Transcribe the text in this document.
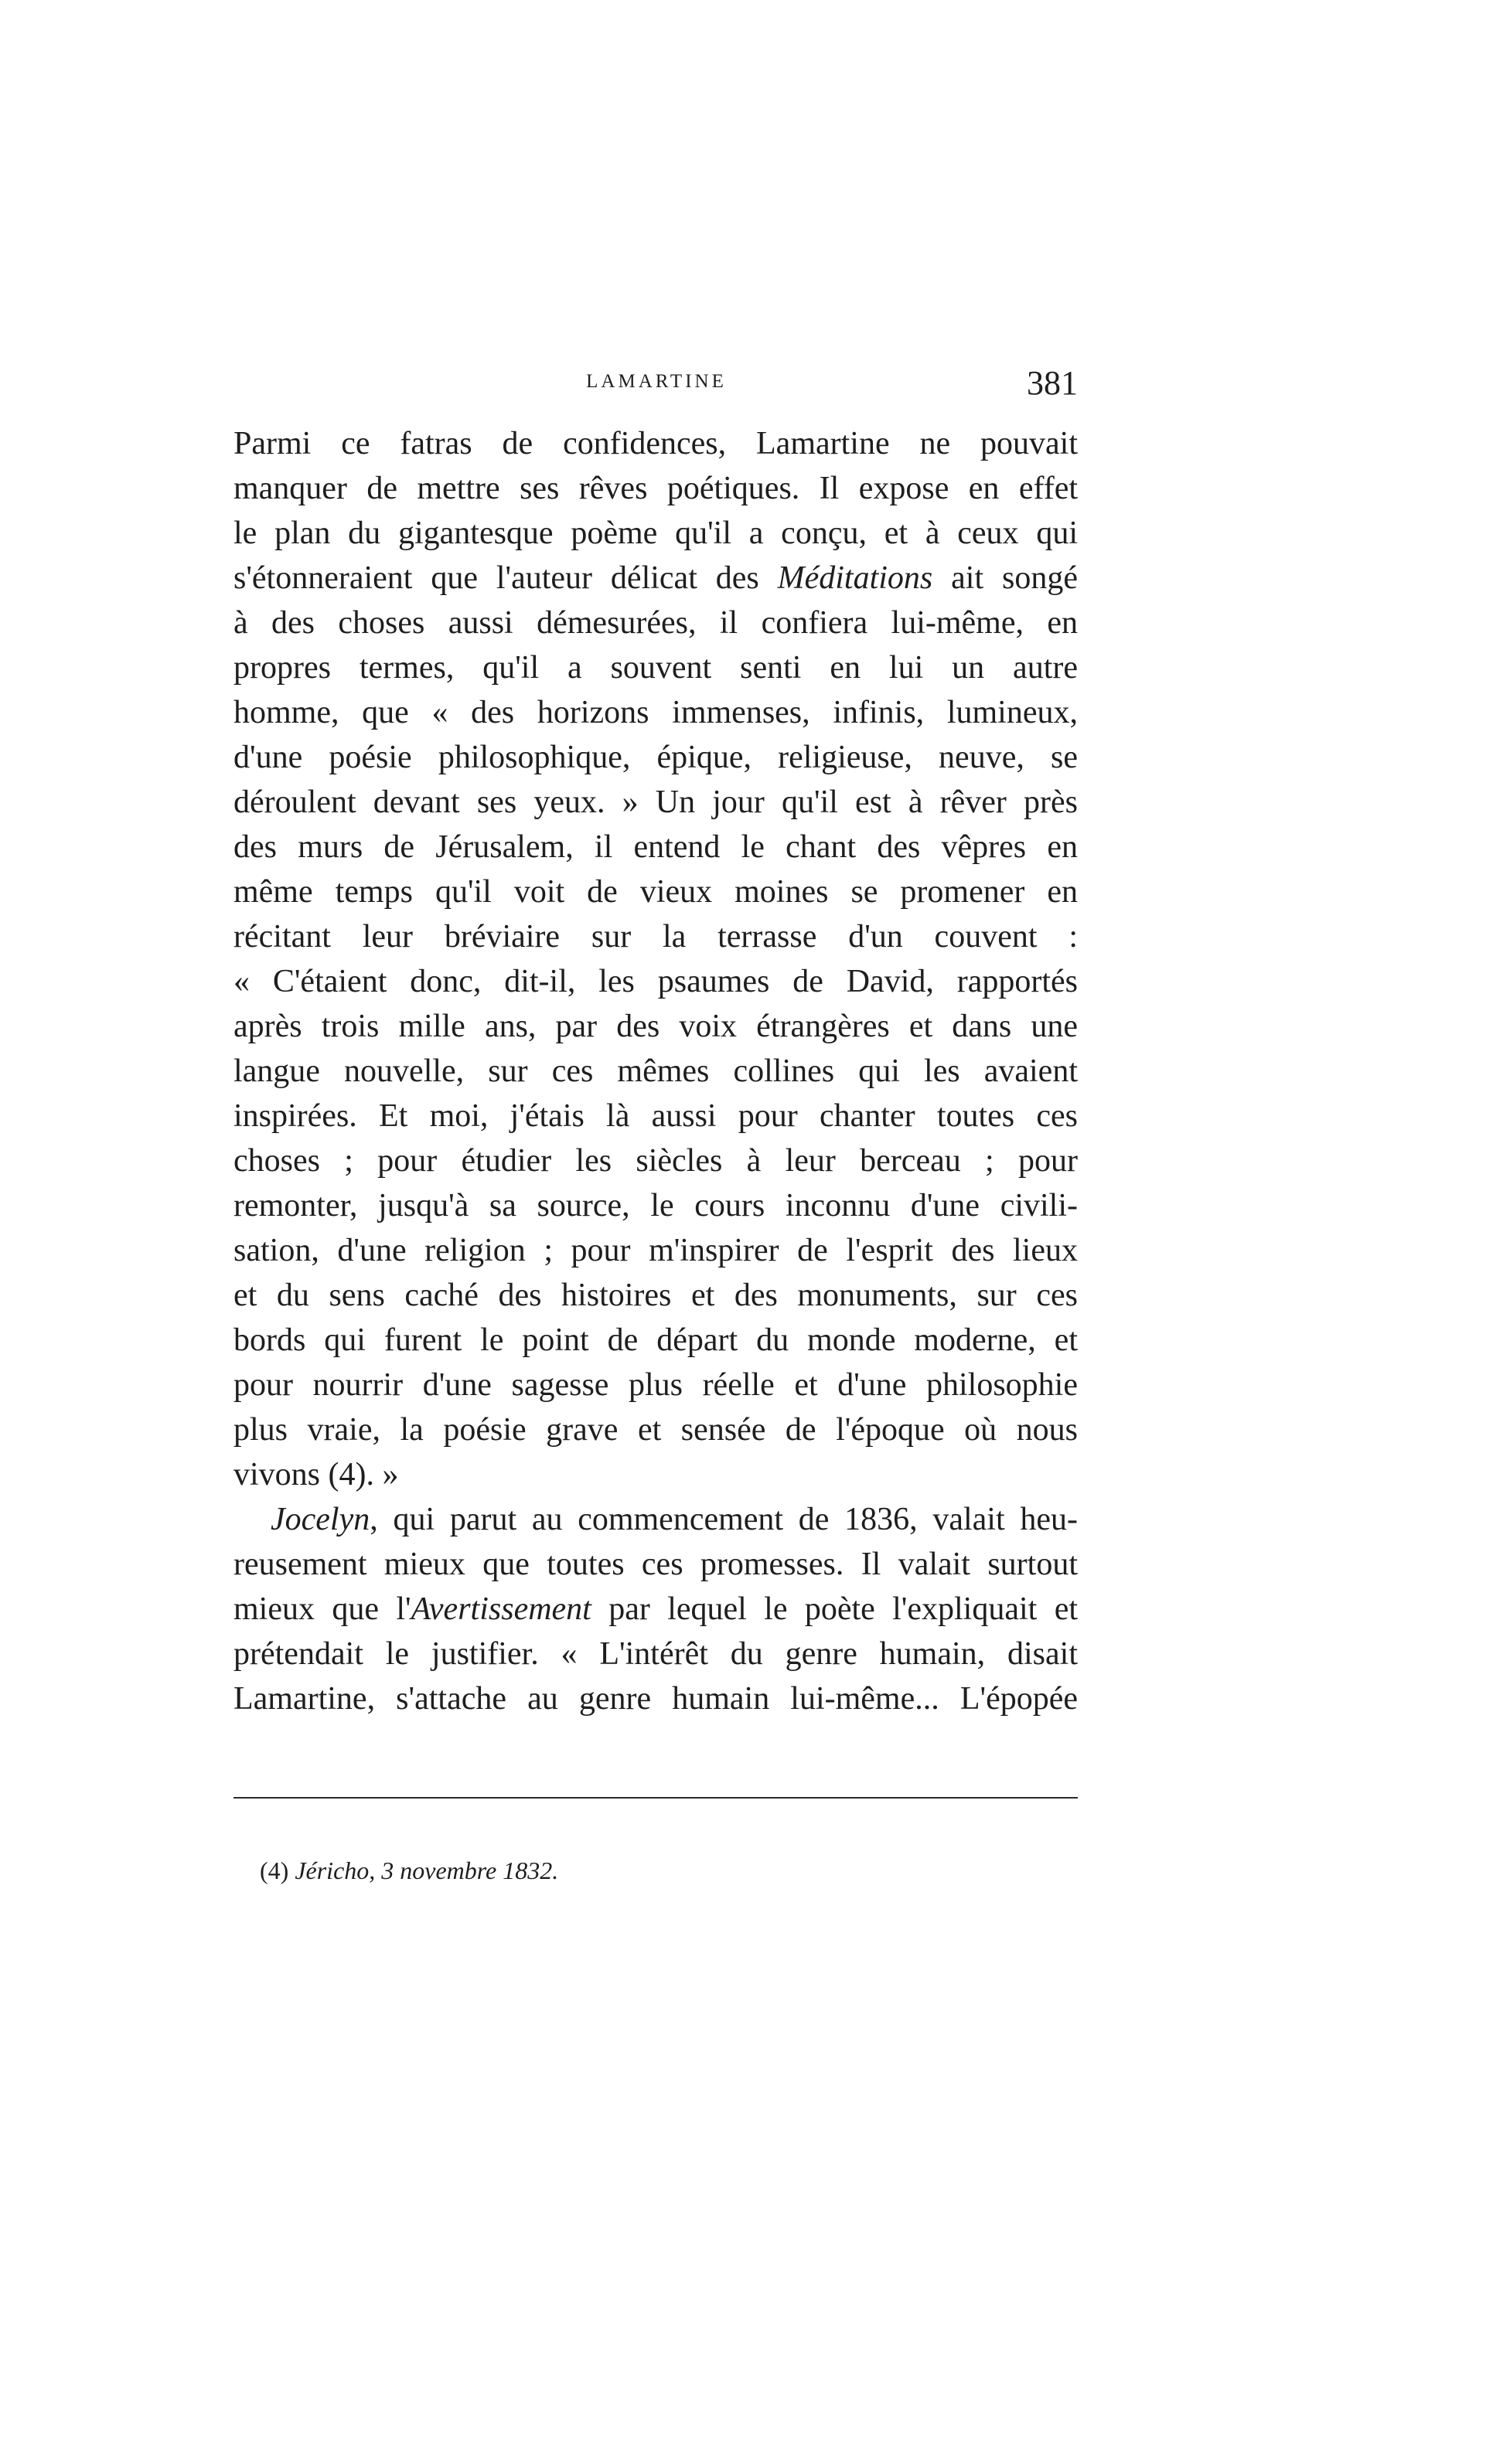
LAMARTINE	381
Parmi ce fatras de confidences, Lamartine ne pouvait
manquer de mettre ses rêves poétiques. Il expose en effet
le plan du gigantesque poème qu'il a conçu, et à ceux qui
s'étonneraient que l'auteur délicat des Méditations ait songé
à des choses aussi démesurées, il confiera lui-même, en
propres termes, qu'il a souvent senti en lui un autre
homme, que « des horizons immenses, infinis, lumineux,
d'une poésie philosophique, épique, religieuse, neuve, se
déroulent devant ses yeux. » Un jour qu'il est à rêver près
des murs de Jérusalem, il entend le chant des vêpres en
même temps qu'il voit de vieux moines se promener en
récitant leur bréviaire sur la terrasse d'un couvent :
« C'étaient donc, dit-il, les psaumes de David, rapportés
après trois mille ans, par des voix étrangères et dans une
langue nouvelle, sur ces mêmes collines qui les avaient
inspirées. Et moi, j'étais là aussi pour chanter toutes ces
choses ; pour étudier les siècles à leur berceau ; pour
remonter, jusqu'à sa source, le cours inconnu d'une civili-
sation, d'une religion ; pour m'inspirer de l'esprit des lieux
et du sens caché des histoires et des monuments, sur ces
bords qui furent le point de départ du monde moderne, et
pour nourrir d'une sagesse plus réelle et d'une philosophie
plus vraie, la poésie grave et sensée de l'époque où nous
vivons (4). »
Jocelyn, qui parut au commencement de 1836, valait heu-
reusement mieux que toutes ces promesses. Il valait surtout
mieux que l'Avertissement par lequel le poète l'expliquait et
prétendait le justifier. « L'intérêt du genre humain, disait
Lamartine, s'attache au genre humain lui-même... L'épopée
(4) Jéricho, 3 novembre 1832.
